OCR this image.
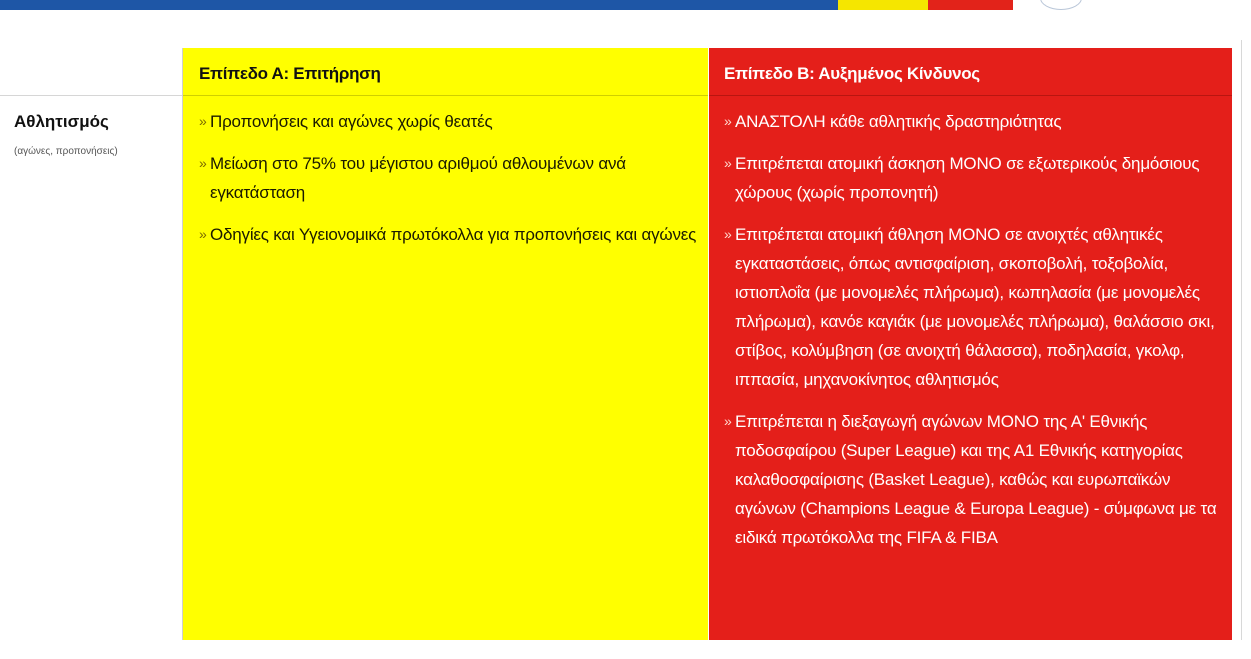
Επίπεδο Α: Επιτήρηση	Επίπεδο Β: Αυξημένος Κίνδυνος
Αθλητισμός
(αγώνες, προπονήσεις)
» Προπονήσεις και αγώνες χωρίς θεατές
» Μείωση στο 75% του μέγιστου αριθμού αθλουμένων ανά εγκατάσταση
» Οδηγίες και Υγειονομικά πρωτόκολλα για προπονήσεις και αγώνες
» ΑΝΑΣΤΟΛΗ κάθε αθλητικής δραστηριότητας
» Επιτρέπεται ατομική άσκηση ΜΟΝΟ σε εξωτερικούς δημόσιους χώρους (χωρίς προπονητή)
» Επιτρέπεται ατομική άθληση ΜΟΝΟ σε ανοιχτές αθλητικές εγκαταστάσεις, όπως αντισφαίριση, σκοποβολή, τοξοβολία, ιστιοπλοΐα (με μονομελές πλήρωμα), κωπηλασία (με μονομελές πλήρωμα), κανόε καγιάκ (με μονομελές πλήρωμα), θαλάσσιο σκι, στίβος, κολύμβηση (σε ανοιχτή θάλασσα), ποδηλασία, γκολφ, ιππασία, μηχανοκίνητος αθλητισμός
» Επιτρέπεται η διεξαγωγή αγώνων ΜΟΝΟ της Α' Εθνικής ποδοσφαίρου (Super League) και της Α1 Εθνικής κατηγορίας καλαθοσφαίρισης (Basket League), καθώς και ευρωπαϊκών αγώνων (Champions League & Europa League) - σύμφωνα με τα ειδικά πρωτόκολλα της FIFA & FIBA
